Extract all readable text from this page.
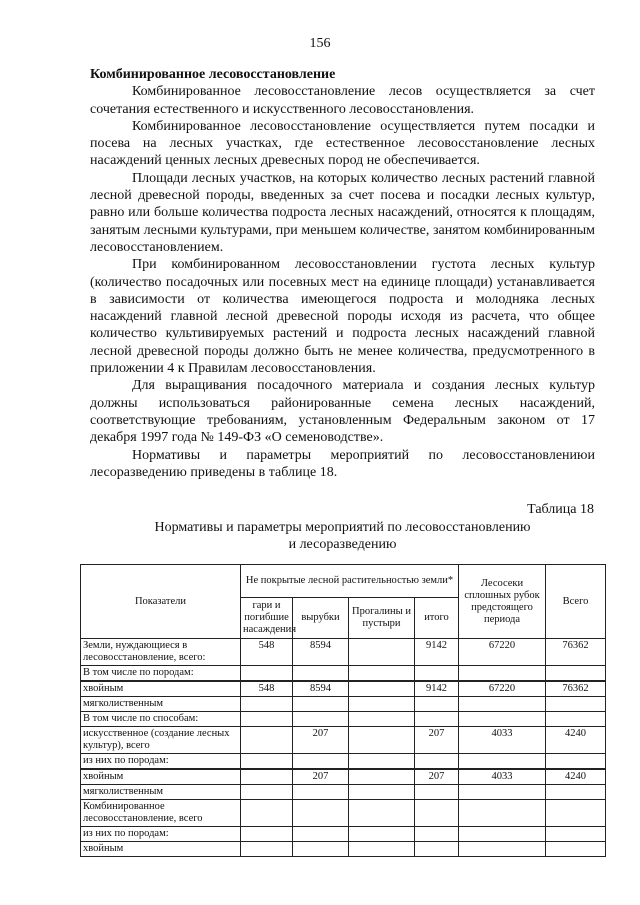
156

Комбинированное лесовосстановление

Комбинированное лесовосстановление лесов осуществляется за счет сочетания естественного и искусственного лесовосстановления.

Комбинированное лесовосстановление осуществляется путем посадки и посева на лесных участках, где естественное лесовосстановление лесных насаждений ценных лесных древесных пород не обеспечивается.

Площади лесных участков, на которых количество лесных растений главной лесной древесной породы, введенных за счет посева и посадки лесных культур, равно или больше количества подроста лесных насаждений, относятся к площадям, занятым лесными культурами, при меньшем количестве, занятом комбинированным лесовосстановлением.

При комбинированном лесовосстановлении густота лесных культур (количество посадочных или посевных мест на единице площади) устанавливается в зависимости от количества имеющегося подроста и молодняка лесных насаждений главной лесной древесной породы исходя из расчета, что общее количество культивируемых растений и подроста лесных насаждений главной лесной древесной породы должно быть не менее количества, предусмотренного в приложении 4 к Правилам лесовосстановления.

Для выращивания посадочного материала и создания лесных культур должны использоваться районированные семена лесных насаждений, соответствующие требованиям, установленным Федеральным законом от 17 декабря 1997 года № 149-ФЗ «О семеноводстве».

Нормативы и параметры мероприятий по лесовосстановлениюи лесоразведению приведены в таблице 18.

Таблица 18
Нормативы и параметры мероприятий по лесовосстановлению
и лесоразведению
Показатели	Не покрытые лесной растительностью земли*				Лесосеки сплошных рубок предстоящего периода	Всего
	гари и погибшие насаждения	вырубки	Прогалины и пустыри	итого		
Земли, нуждающиеся в лесовосстановление, всего:	548	8594		9142	67220	76362
В том числе по породам:						
хвойным	548	8594		9142	67220	76362
мягколиственным						
В том числе по способам:						
искусственное (создание лесных культур), всего		207		207	4033	4240
из них по породам:						
хвойным		207		207	4033	4240
мягколиственным						
Комбинированное лесовосстановление, всего						
из них по породам:						
хвойным						
